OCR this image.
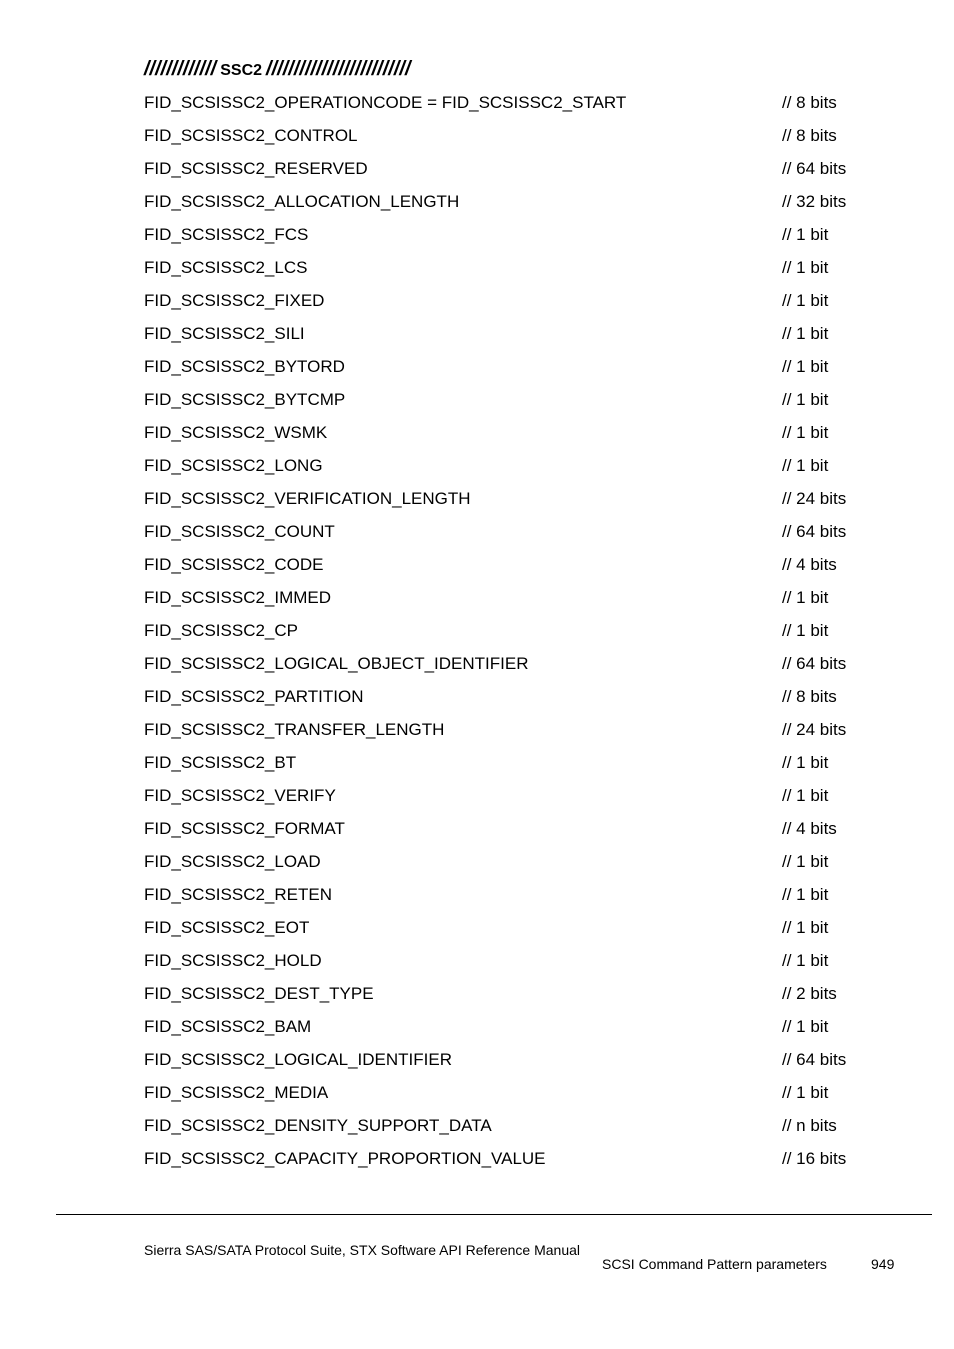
///////////// SSC2 //////////////////////////
FID_SCSISSC2_OPERATIONCODE = FID_SCSISSC2_START	// 8 bits
FID_SCSISSC2_CONTROL	// 8 bits
FID_SCSISSC2_RESERVED	// 64 bits
FID_SCSISSC2_ALLOCATION_LENGTH	// 32 bits
FID_SCSISSC2_FCS	// 1 bit
FID_SCSISSC2_LCS	// 1 bit
FID_SCSISSC2_FIXED	// 1 bit
FID_SCSISSC2_SILI	// 1 bit
FID_SCSISSC2_BYTORD	// 1 bit
FID_SCSISSC2_BYTCMP	// 1 bit
FID_SCSISSC2_WSMK	// 1 bit
FID_SCSISSC2_LONG	// 1 bit
FID_SCSISSC2_VERIFICATION_LENGTH	// 24 bits
FID_SCSISSC2_COUNT	// 64 bits
FID_SCSISSC2_CODE	// 4 bits
FID_SCSISSC2_IMMED	// 1 bit
FID_SCSISSC2_CP	// 1 bit
FID_SCSISSC2_LOGICAL_OBJECT_IDENTIFIER	// 64 bits
FID_SCSISSC2_PARTITION	// 8 bits
FID_SCSISSC2_TRANSFER_LENGTH	// 24 bits
FID_SCSISSC2_BT	// 1 bit
FID_SCSISSC2_VERIFY	// 1 bit
FID_SCSISSC2_FORMAT	// 4 bits
FID_SCSISSC2_LOAD	// 1 bit
FID_SCSISSC2_RETEN	// 1 bit
FID_SCSISSC2_EOT	// 1 bit
FID_SCSISSC2_HOLD	// 1 bit
FID_SCSISSC2_DEST_TYPE	// 2 bits
FID_SCSISSC2_BAM	// 1 bit
FID_SCSISSC2_LOGICAL_IDENTIFIER	// 64 bits
FID_SCSISSC2_MEDIA	// 1 bit
FID_SCSISSC2_DENSITY_SUPPORT_DATA	// n bits
FID_SCSISSC2_CAPACITY_PROPORTION_VALUE	// 16 bits
Sierra SAS/SATA Protocol Suite, STX Software API Reference Manual
SCSI Command Pattern parameters	949
